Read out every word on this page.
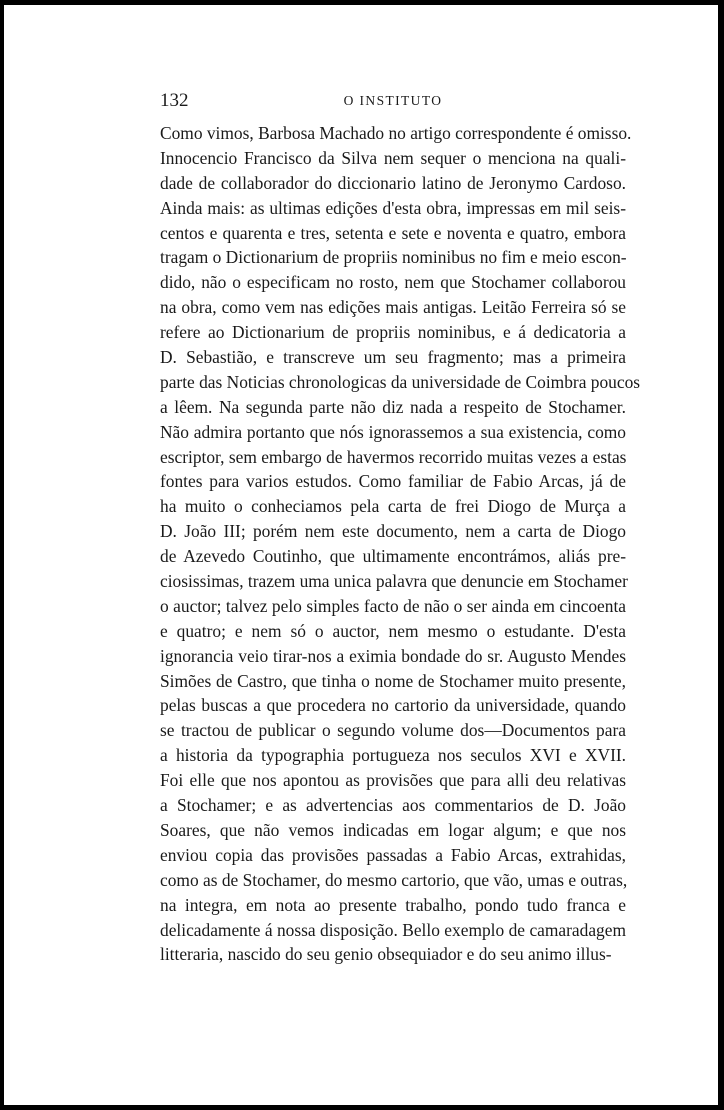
132	O INSTITUTO
Como vimos, Barbosa Machado no artigo correspondente é omisso.
Innocencio Francisco da Silva nem sequer o menciona na quali-
dade de collaborador do diccionario latino de Jeronymo Cardoso.
Ainda mais: as ultimas edições d'esta obra, impressas em mil seis-
centos e quarenta e tres, setenta e sete e noventa e quatro, embora
tragam o Dictionarium de propriis nominibus no fim e meio escon-
dido, não o especificam no rosto, nem que Stochamer collaborou
na obra, como vem nas edições mais antigas. Leitão Ferreira só se
refere ao Dictionarium de propriis nominibus, e á dedicatoria a
D. Sebastião, e transcreve um seu fragmento; mas a primeira
parte das Noticias chronologicas da universidade de Coimbra poucos
a lêem. Na segunda parte não diz nada a respeito de Stochamer.
Não admira portanto que nós ignorassemos a sua existencia, como
escriptor, sem embargo de havermos recorrido muitas vezes a estas
fontes para varios estudos. Como familiar de Fabio Arcas, já de
ha muito o conheciamos pela carta de frei Diogo de Murça a
D. João III; porém nem este documento, nem a carta de Diogo
de Azevedo Coutinho, que ultimamente encontrámos, aliás pre-
ciosissimas, trazem uma unica palavra que denuncie em Stochamer
o auctor; talvez pelo simples facto de não o ser ainda em cincoenta
e quatro; e nem só o auctor, nem mesmo o estudante. D'esta
ignorancia veio tirar-nos a eximia bondade do sr. Augusto Mendes
Simões de Castro, que tinha o nome de Stochamer muito presente,
pelas buscas a que procedera no cartorio da universidade, quando
se tractou de publicar o segundo volume dos—Documentos para
a historia da typographia portugueza nos seculos XVI e XVII.
Foi elle que nos apontou as provisões que para alli deu relativas
a Stochamer; e as advertencias aos commentarios de D. João
Soares, que não vemos indicadas em logar algum; e que nos
enviou copia das provisões passadas a Fabio Arcas, extrahidas,
como as de Stochamer, do mesmo cartorio, que vão, umas e outras,
na integra, em nota ao presente trabalho, pondo tudo franca e
delicadamente á nossa disposição. Bello exemplo de camaradagem
litteraria, nascido do seu genio obsequiador e do seu animo illus-
